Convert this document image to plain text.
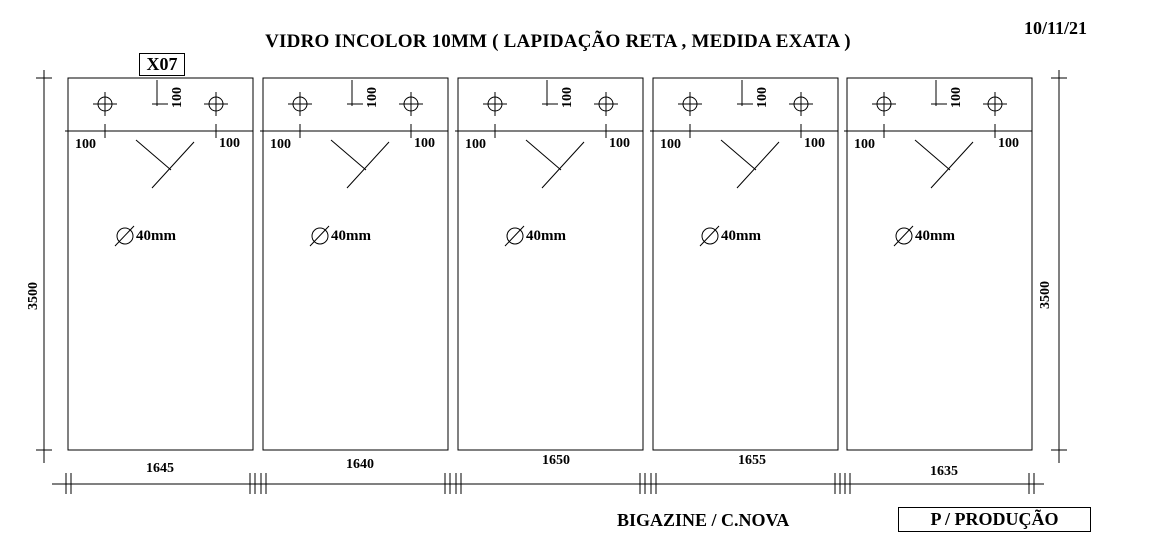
VIDRO INCOLOR 10MM ( LAPIDAÇÃO RETA , MEDIDA EXATA )
10/11/21
X07
BIGAZINE / C.NOVA	P / PRODUÇÃO
3500	3500
100	100
100
40mm
1645
100	100
100
40mm
1640
100	100
100
40mm
1650
100	100
100
40mm
1655
100	100
100
40mm
1635
